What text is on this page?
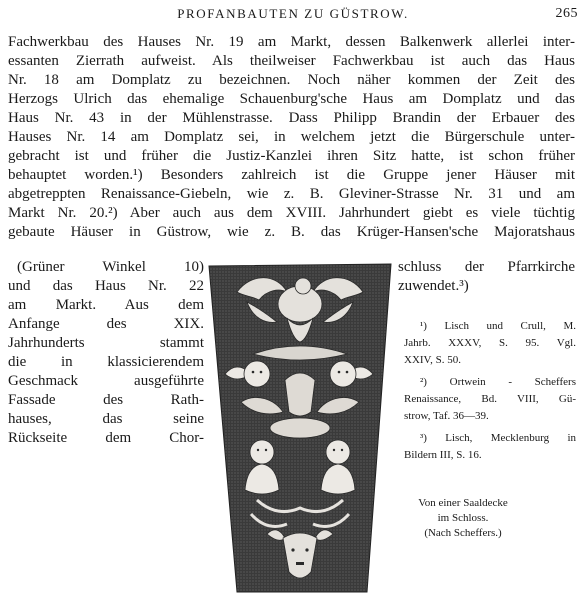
PROFANBAUTEN ZU GÜSTROW.	265
Fachwerkbau des Hauses Nr. 19 am Markt, dessen Balkenwerk allerlei inter-
essanten Zierrath aufweist. Als theilweiser Fachwerkbau ist auch das Haus
Nr. 18 am Domplatz zu bezeichnen. Noch näher kommen der Zeit des
Herzogs Ulrich das ehemalige Schauenburg'sche Haus am Domplatz und das
Haus Nr. 43 in der Mühlenstrasse. Dass Philipp Brandin der Erbauer des
Hauses Nr. 14 am Domplatz sei, in welchem jetzt die Bürgerschule unter-
gebracht ist und früher die Justiz-Kanzlei ihren Sitz hatte, ist schon früher
behauptet worden.¹) Besonders zahlreich ist die Gruppe jener Häuser mit
abgetreppten Renaissance-Giebeln, wie z. B. Gleviner-Strasse Nr. 31 und am
Markt Nr. 20.²) Aber auch aus dem XVIII. Jahrhundert giebt es viele tüchtig
gebaute Häuser in Güstrow, wie z. B. das Krüger-Hansen'sche Majoratshaus
(Grüner Winkel 10)
und das Haus Nr. 22
am Markt. Aus dem
Anfange des XIX.
Jahrhunderts stammt
die in klassicierendem
Geschmack ausgeführte
Fassade des Rath-
hauses, das seine
Rückseite dem Chor-
schluss der Pfarrkirche
zuwendet.³)
¹) Lisch und Crull, M.
Jahrb. XXXV, S. 95. Vgl.
XXIV, S. 50.
²) Ortwein - Scheffers
Renaissance, Bd. VIII, Gü-
strow, Taf. 36—39.
³) Lisch, Mecklenburg in
Bildern III, S. 16.
Von einer Saaldecke
im Schloss.
(Nach Scheffers.)
